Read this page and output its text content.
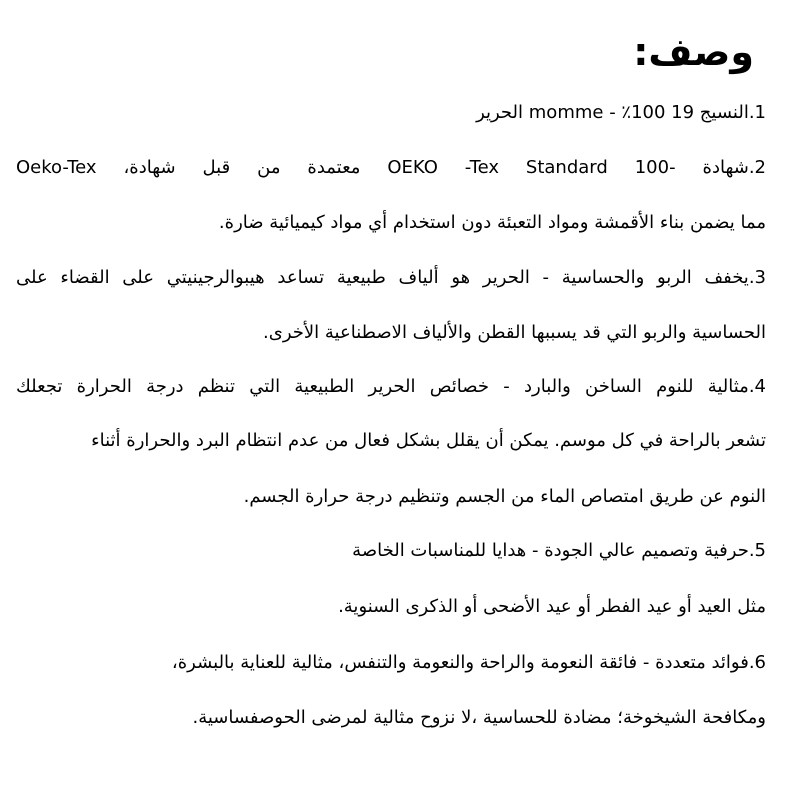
وصف:
1.النسيج 19 100٪ - momme الحرير
2.شهادة -OEKO -Tex Standard 100 معتمدة من قبل شهادة، Oeko-Tex
مما يضمن بناء الأقمشة ومواد التعبئة دون استخدام أي مواد كيميائية ضارة.
3.يخفف الربو والحساسية - الحرير هو ألياف طبيعية تساعد هيبوالرجينيتي على القضاء على
الحساسية والربو التي قد يسببها القطن والألياف الاصطناعية الأخرى.
4.مثالية للنوم الساخن والبارد - خصائص الحرير الطبيعية التي تنظم درجة الحرارة تجعلك
تشعر بالراحة في كل موسم. يمكن أن يقلل بشكل فعال من عدم انتظام البرد والحرارة أثناء
النوم عن طريق امتصاص الماء من الجسم وتنظيم درجة حرارة الجسم.
5.حرفية وتصميم عالي الجودة - هدايا للمناسبات الخاصة
مثل العيد أو عيد الفطر أو عيد الأضحى أو الذكرى السنوية.
6.فوائد متعددة - فائقة النعومة والراحة والنعومة والتنفس، مثالية للعناية بالبشرة،
ومكافحة الشيخوخة؛ مضادة للحساسية ،لا نزوح مثالية لمرضى الحوصفساسية.
